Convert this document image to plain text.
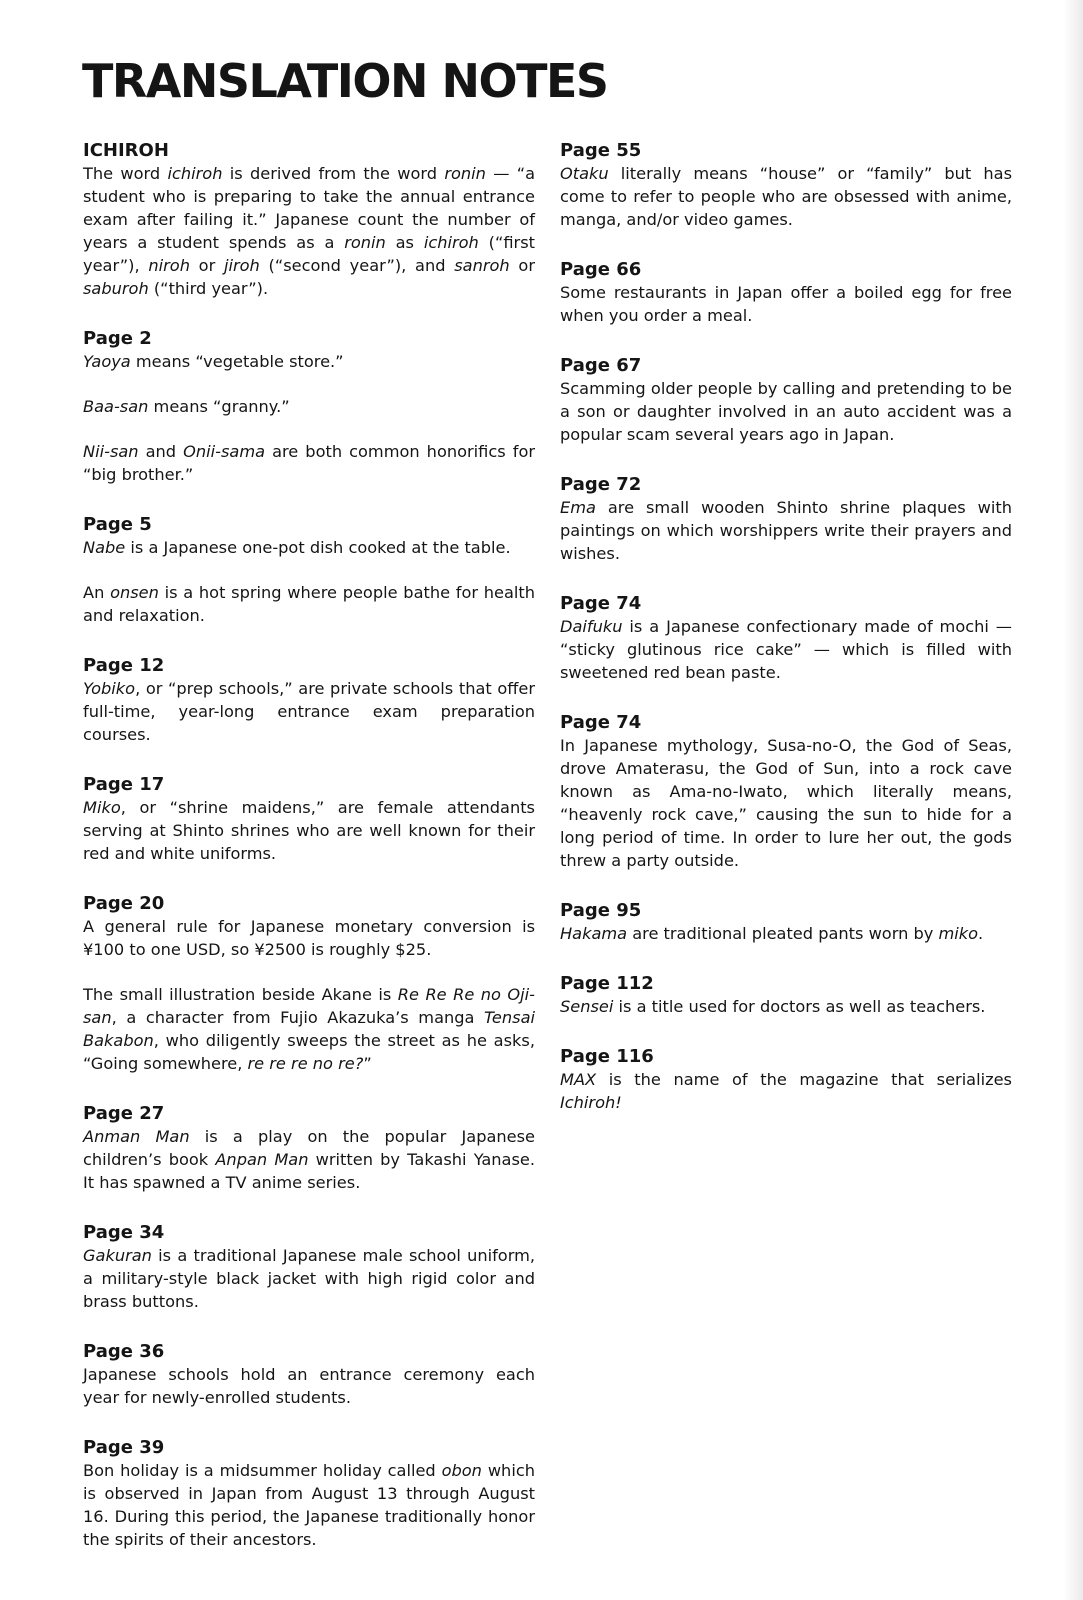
TRANSLATION NOTES
ICHIROH

The word ichiroh is derived from the word ronin — “a student who is preparing to take the annual entrance exam after failing it.” Japanese count the number of years a student spends as a ronin as ichiroh (“first year”), niroh or jiroh (“second year”), and sanroh or saburoh (“third year”).

Page 2

Yaoya means “vegetable store.”

Baa-san means “granny.”

Nii-san and Onii-sama are both common honorifics for “big brother.”

Page 5

Nabe is a Japanese one-pot dish cooked at the table.

An onsen is a hot spring where people bathe for health and relaxation.

Page 12

Yobiko, or “prep schools,” are private schools that offer full-time, year-long entrance exam preparation courses.

Page 17

Miko, or “shrine maidens,” are female attendants serving at Shinto shrines who are well known for their red and white uniforms.

Page 20

A general rule for Japanese monetary conversion is ¥100 to one USD, so ¥2500 is roughly $25.

The small illustration beside Akane is Re Re Re no Oji-san, a character from Fujio Akazuka’s manga Tensai Bakabon, who diligently sweeps the street as he asks, “Going somewhere, re re re no re?”

Page 27

Anman Man is a play on the popular Japanese children’s book Anpan Man written by Takashi Yanase. It has spawned a TV anime series.

Page 34

Gakuran is a traditional Japanese male school uniform, a military-style black jacket with high rigid color and brass buttons.

Page 36

Japanese schools hold an entrance ceremony each year for newly-enrolled students.

Page 39

Bon holiday is a midsummer holiday called obon which is observed in Japan from August 13 through August 16. During this period, the Japanese traditionally honor the spirits of their ancestors.

Page 55

Otaku literally means “house” or “family” but has come to refer to people who are obsessed with anime, manga, and/or video games.

Page 66

Some restaurants in Japan offer a boiled egg for free when you order a meal.

Page 67

Scamming older people by calling and pretending to be a son or daughter involved in an auto accident was a popular scam several years ago in Japan.

Page 72

Ema are small wooden Shinto shrine plaques with paintings on which worshippers write their prayers and wishes.

Page 74

Daifuku is a Japanese confectionary made of mochi — “sticky glutinous rice cake” — which is filled with sweetened red bean paste.

Page 74

In Japanese mythology, Susa-no-O, the God of Seas, drove Amaterasu, the God of Sun, into a rock cave known as Ama-no-Iwato, which literally means, “heavenly rock cave,” causing the sun to hide for a long period of time. In order to lure her out, the gods threw a party outside.

Page 95

Hakama are traditional pleated pants worn by miko.

Page 112

Sensei is a title used for doctors as well as teachers.

Page 116

MAX is the name of the magazine that serializes Ichiroh!
